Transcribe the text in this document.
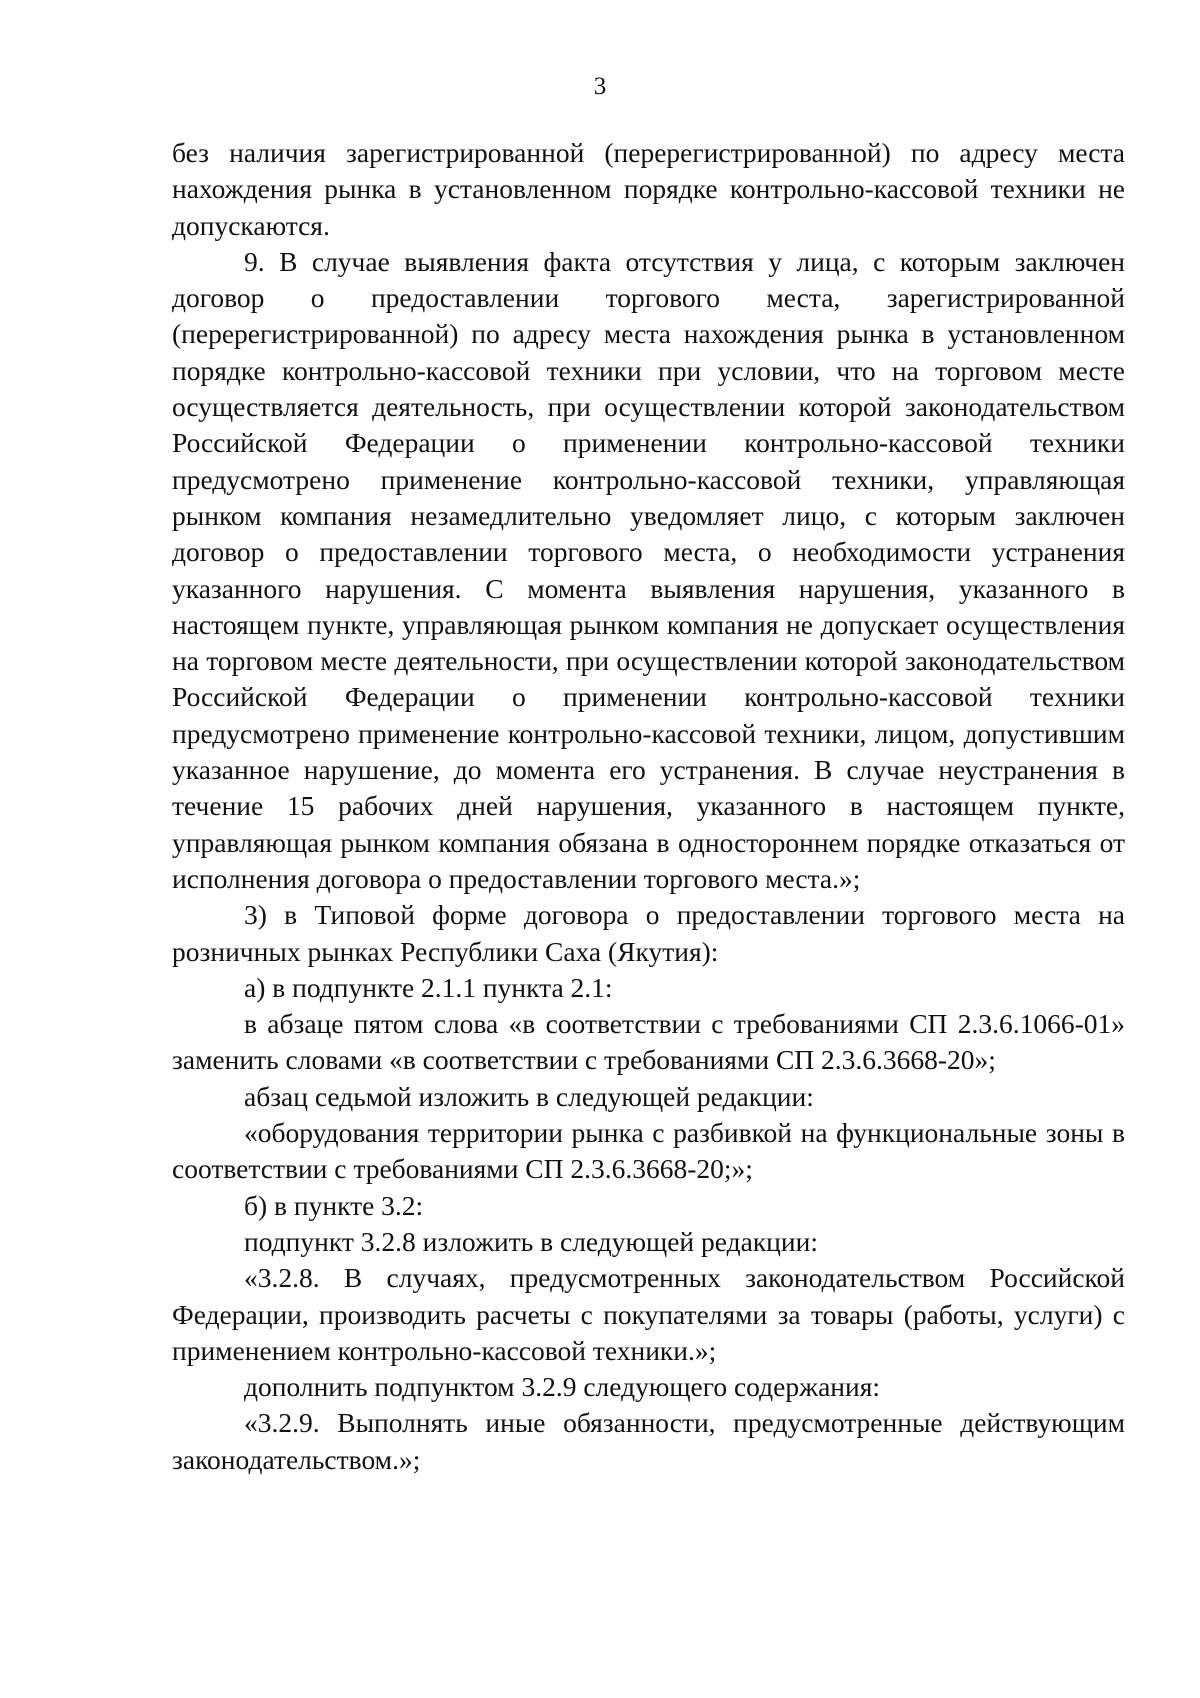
3

без наличия зарегистрированной (перерегистрированной) по адресу места нахождения рынка в установленном порядке контрольно-кассовой техники не допускаются.

9. В случае выявления факта отсутствия у лица, с которым заключен договор о предоставлении торгового места, зарегистрированной (перерегистрированной) по адресу места нахождения рынка в установленном порядке контрольно-кассовой техники при условии, что на торговом месте осуществляется деятельность, при осуществлении которой законодательством Российской Федерации о применении контрольно-кассовой техники предусмотрено применение контрольно-кассовой техники, управляющая рынком компания незамедлительно уведомляет лицо, с которым заключен договор о предоставлении торгового места, о необходимости устранения указанного нарушения. С момента выявления нарушения, указанного в настоящем пункте, управляющая рынком компания не допускает осуществления на торговом месте деятельности, при осуществлении которой законодательством Российской Федерации о применении контрольно-кассовой техники предусмотрено применение контрольно-кассовой техники, лицом, допустившим указанное нарушение, до момента его устранения. В случае неустранения в течение 15 рабочих дней нарушения, указанного в настоящем пункте, управляющая рынком компания обязана в одностороннем порядке отказаться от исполнения договора о предоставлении торгового места.»;

3) в Типовой форме договора о предоставлении торгового места на розничных рынках Республики Саха (Якутия):

а) в подпункте 2.1.1 пункта 2.1:

в абзаце пятом слова «в соответствии с требованиями СП 2.3.6.1066-01» заменить словами «в соответствии с требованиями СП 2.3.6.3668-20»;

абзац седьмой изложить в следующей редакции:

«оборудования территории рынка с разбивкой на функциональные зоны в соответствии с требованиями СП 2.3.6.3668-20;»;

б) в пункте 3.2:

подпункт 3.2.8 изложить в следующей редакции:

«3.2.8. В случаях, предусмотренных законодательством Российской Федерации, производить расчеты с покупателями за товары (работы, услуги) с применением контрольно-кассовой техники.»;

дополнить подпунктом 3.2.9 следующего содержания:

«3.2.9. Выполнять иные обязанности, предусмотренные действующим законодательством.»;
